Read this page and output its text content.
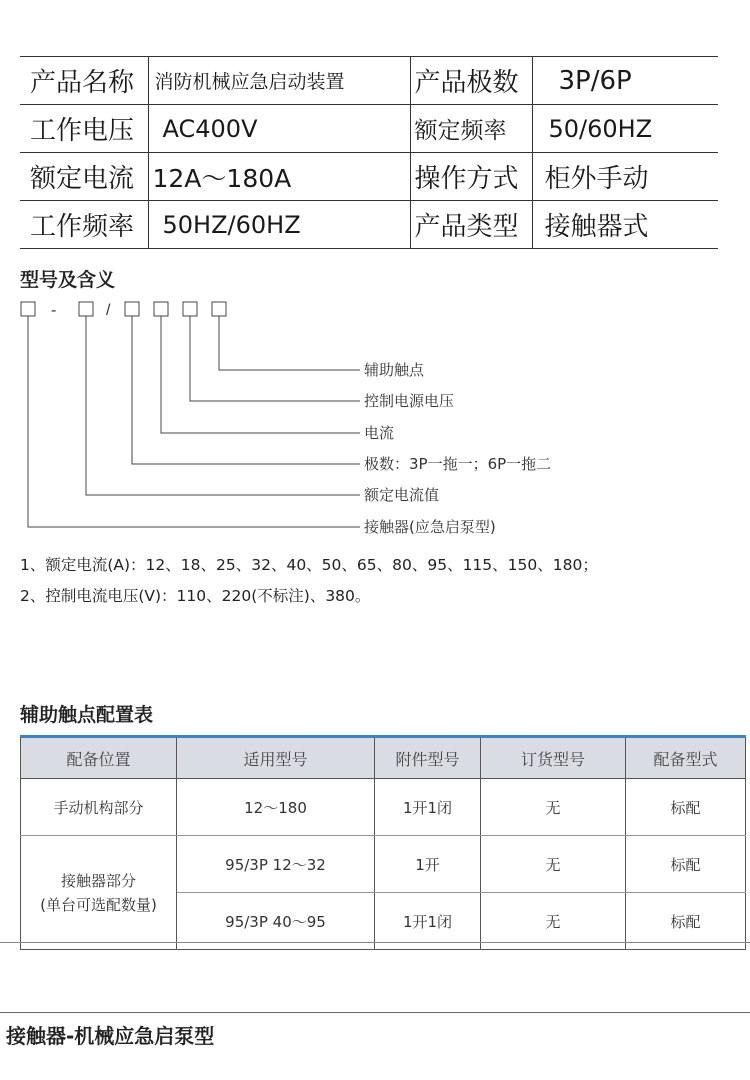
产品名称	消防机械应急启动装置	产品极数	3P/6P
工作电压	AC400V	额定频率	50/60HZ
额定电流	12A～180A	操作方式	柜外手动
工作频率	50HZ/60HZ	产品类型	接触器式
型号及含义
-	/
辅助触点
控制电源电压
电流
极数：3P一拖一；6P一拖二
额定电流值
接触器(应急启泵型)
1、额定电流(A)：12、18、25、32、40、50、65、80、95、115、150、180；
2、控制电流电压(V)：110、220(不标注)、380。
辅助触点配置表
配备位置	适用型号	附件型号	订货型号	配备型式
手动机构部分	12～180	1开1闭	无	标配

接触器部分
(单台可选配数量)	95/3P 12～32	1开	无	标配
	95/3P 40～95	1开1闭	无	标配
接触器-机械应急启泵型
